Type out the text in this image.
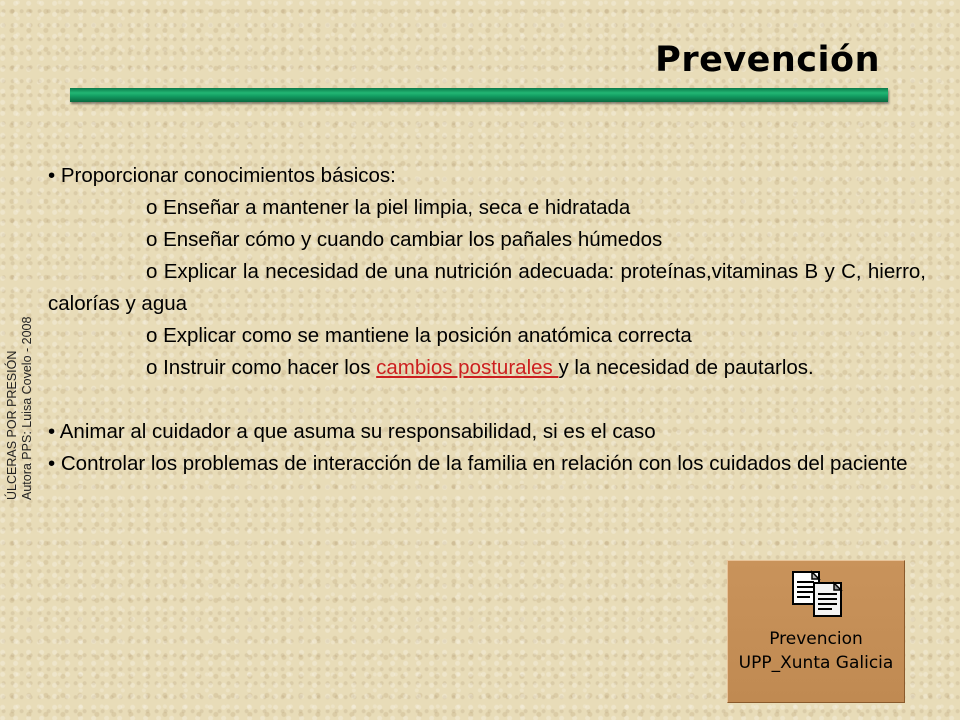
Prevención
ÚLCERAS POR PRESIÓN Autora PPS: Luisa Covelo - 2008

• Proporcionar conocimientos básicos:

o Enseñar a mantener la piel limpia, seca e hidratada

o Enseñar cómo y cuando cambiar los pañales húmedos

o Explicar la necesidad de una nutrición adecuada: proteínas,vitaminas B y C, hierro, calorías y agua

o Explicar como se mantiene la posición anatómica correcta

o Instruir como hacer los cambios posturales y la necesidad de pautarlos.

• Animar al cuidador a que asuma su responsabilidad, si es el caso

• Controlar los problemas de interacción de la familia en relación con los cuidados del paciente

Prevencion
UPP_Xunta Galicia
